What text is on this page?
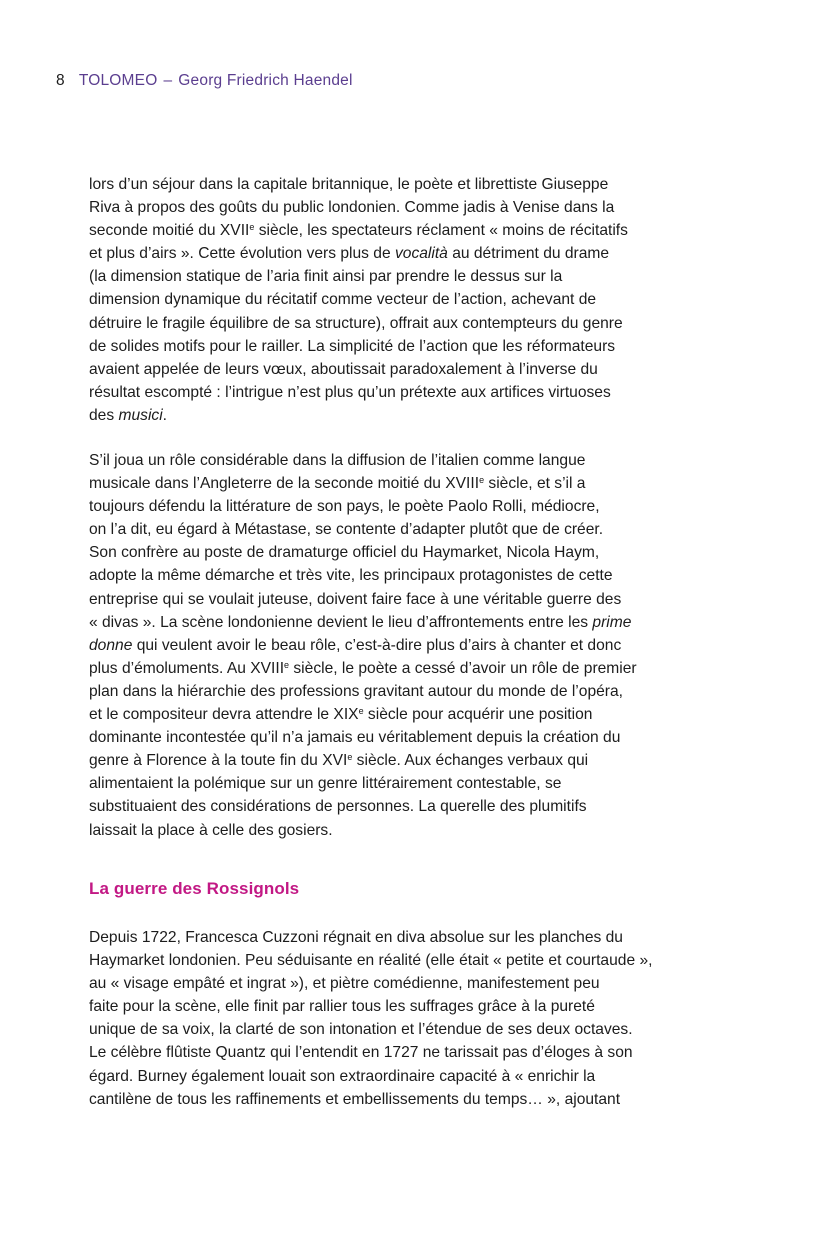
8 TOLOMEO – Georg Friedrich Haendel
lors d’un séjour dans la capitale britannique, le poète et librettiste Giuseppe
Riva à propos des goûts du public londonien. Comme jadis à Venise dans la
seconde moitié du XVIIe siècle, les spectateurs réclament « moins de récitatifs
et plus d’airs ». Cette évolution vers plus de vocalità au détriment du drame
(la dimension statique de l’aria finit ainsi par prendre le dessus sur la
dimension dynamique du récitatif comme vecteur de l’action, achevant de
détruire le fragile équilibre de sa structure), offrait aux contempteurs du genre
de solides motifs pour le railler. La simplicité de l’action que les réformateurs
avaient appelée de leurs vœux, aboutissait paradoxalement à l’inverse du
résultat escompté : l’intrigue n’est plus qu’un prétexte aux artifices virtuoses
des musici.
S’il joua un rôle considérable dans la diffusion de l’italien comme langue
musicale dans l’Angleterre de la seconde moitié du XVIIIe siècle, et s’il a
toujours défendu la littérature de son pays, le poète Paolo Rolli, médiocre,
on l’a dit, eu égard à Métastase, se contente d’adapter plutôt que de créer.
Son confrère au poste de dramaturge officiel du Haymarket, Nicola Haym,
adopte la même démarche et très vite, les principaux protagonistes de cette
entreprise qui se voulait juteuse, doivent faire face à une véritable guerre des
« divas ». La scène londonienne devient le lieu d’affrontements entre les prime
donne qui veulent avoir le beau rôle, c’est-à-dire plus d’airs à chanter et donc
plus d’émoluments. Au XVIIIe siècle, le poète a cessé d’avoir un rôle de premier
plan dans la hiérarchie des professions gravitant autour du monde de l’opéra,
et le compositeur devra attendre le XIXe siècle pour acquérir une position
dominante incontestée qu’il n’a jamais eu véritablement depuis la création du
genre à Florence à la toute fin du XVIe siècle. Aux échanges verbaux qui
alimentaient la polémique sur un genre littérairement contestable, se
substituaient des considérations de personnes. La querelle des plumitifs
laissait la place à celle des gosiers.
La guerre des Rossignols
Depuis 1722, Francesca Cuzzoni régnait en diva absolue sur les planches du
Haymarket londonien. Peu séduisante en réalité (elle était « petite et courtaude »,
au « visage empâté et ingrat »), et piètre comédienne, manifestement peu
faite pour la scène, elle finit par rallier tous les suffrages grâce à la pureté
unique de sa voix, la clarté de son intonation et l’étendue de ses deux octaves.
Le célèbre flûtiste Quantz qui l’entendit en 1727 ne tarissait pas d’éloges à son
égard. Burney également louait son extraordinaire capacité à « enrichir la
cantilène de tous les raffinements et embellissements du temps… », ajoutant
